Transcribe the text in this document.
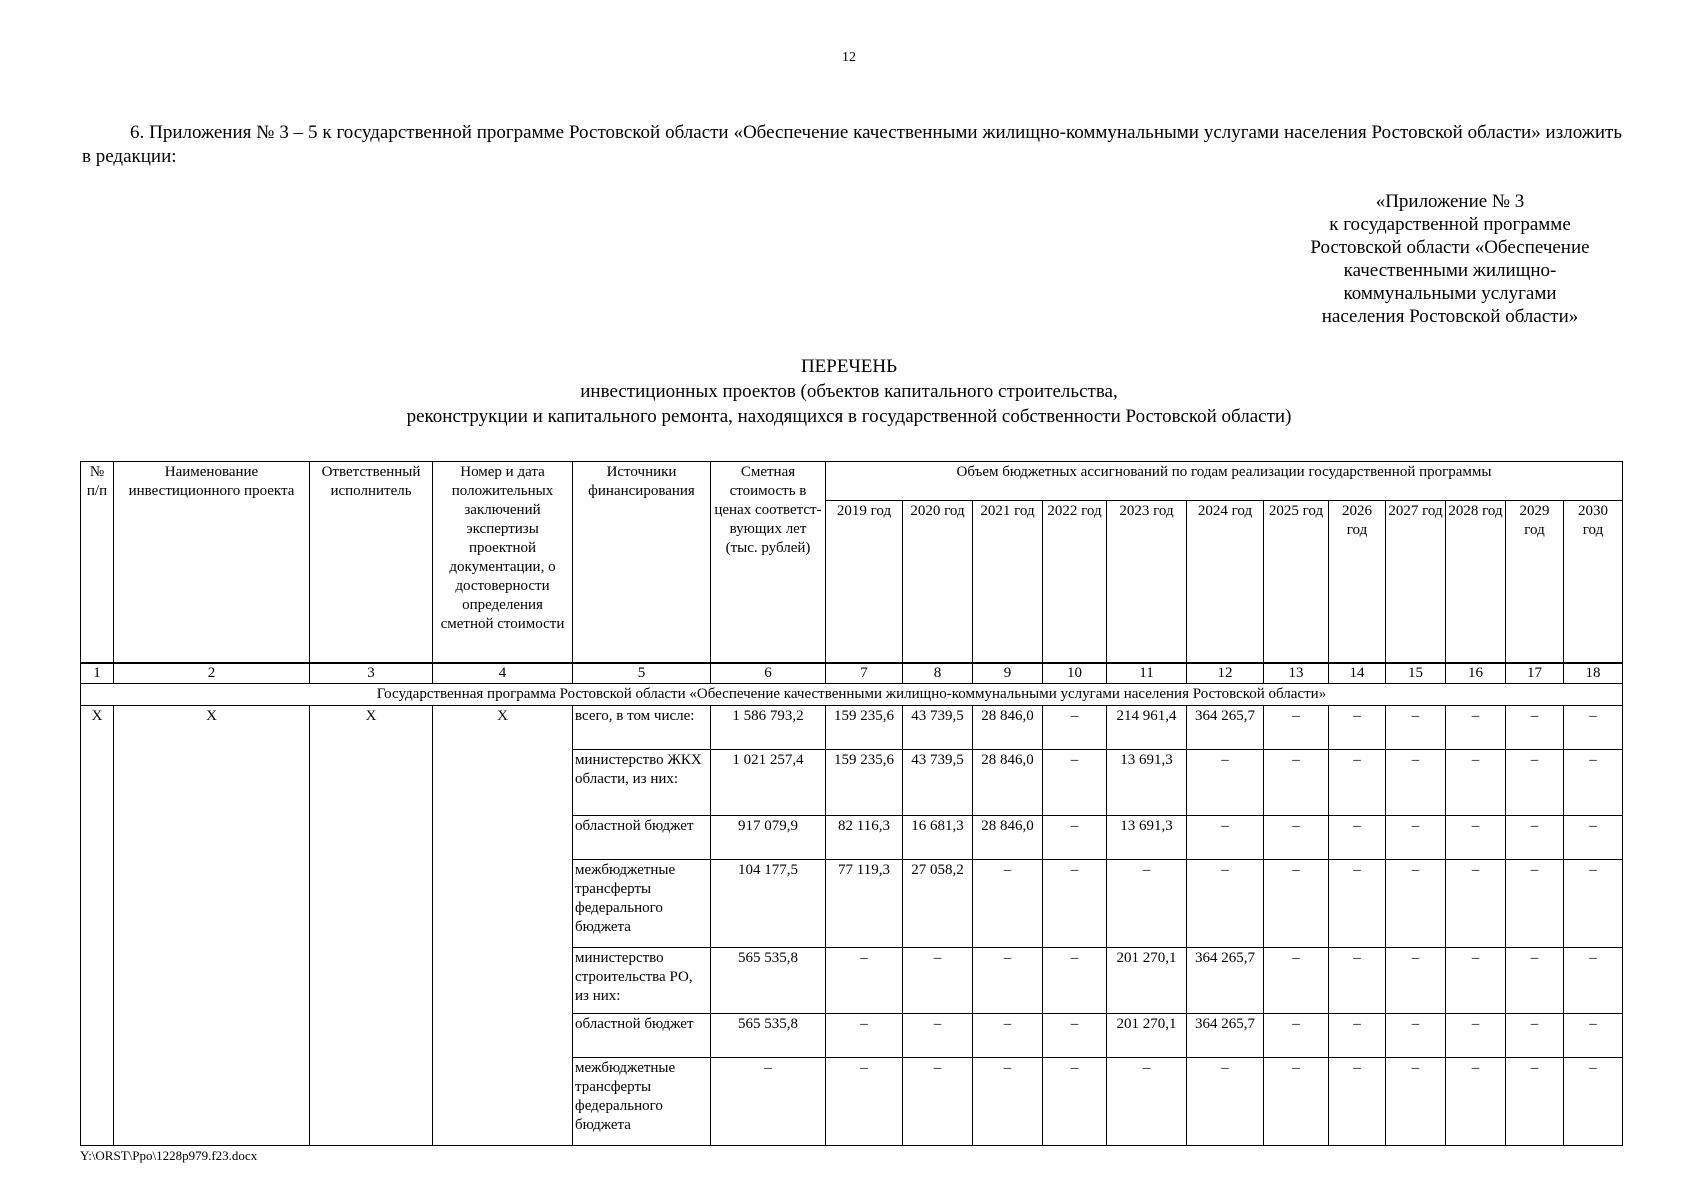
12
6. Приложения № 3 – 5 к государственной программе Ростовской области «Обеспечение качественными жилищно-коммунальными услугами населения Ростовской области» изложить в редакции:
«Приложение № 3
к государственной программе
Ростовской области «Обеспечение
качественными жилищно-
коммунальными услугами
населения Ростовской области»
ПЕРЕЧЕНЬ
инвестиционных проектов (объектов капитального строительства,
реконструкции и капитального ремонта, находящихся в государственной собственности Ростовской области)
№ п/п	Наименование инвестиционного проекта	Ответственный исполнитель	Номер и дата положительных заключений экспертизы проектной документации, о достоверности определения сметной стоимости	Источники финансирования	Сметная стоимость в ценах соответст-вующих лет (тыс. рублей)	Объем бюджетных ассигнований по годам реализации государственной программы											
						2019 год	2020 год	2021 год	2022 год	2023 год	2024 год	2025 год	2026 год	2027 год	2028 год	2029 год	2030 год
1	2	3	4	5	6	7	8	9	10	11	12	13	14	15	16	17	18
Государственная программа Ростовской области «Обеспечение качественными жилищно-коммунальными услугами населения Ростовской области»																	
Х	Х	Х	Х	всего, в том числе:	1 586 793,2	159 235,6	43 739,5	28 846,0	–	214 961,4	364 265,7	–	–	–	–	–	–
				министерство ЖКХ области, из них:	1 021 257,4	159 235,6	43 739,5	28 846,0	–	13 691,3	–	–	–	–	–	–	–
				областной бюджет	917 079,9	82 116,3	16 681,3	28 846,0	–	13 691,3	–	–	–	–	–	–	–
				межбюджетные трансферты федерального бюджета	104 177,5	77 119,3	27 058,2	–	–	–	–	–	–	–	–	–	–
				министерство строительства РО, из них:	565 535,8	–	–	–	–	201 270,1	364 265,7	–	–	–	–	–	–
				областной бюджет	565 535,8	–	–	–	–	201 270,1	364 265,7	–	–	–	–	–	–
				межбюджетные трансферты федерального бюджета	–	–	–	–	–	–	–	–	–	–	–	–	–
Y:\ORST\Ppo\1228p979.f23.docx
